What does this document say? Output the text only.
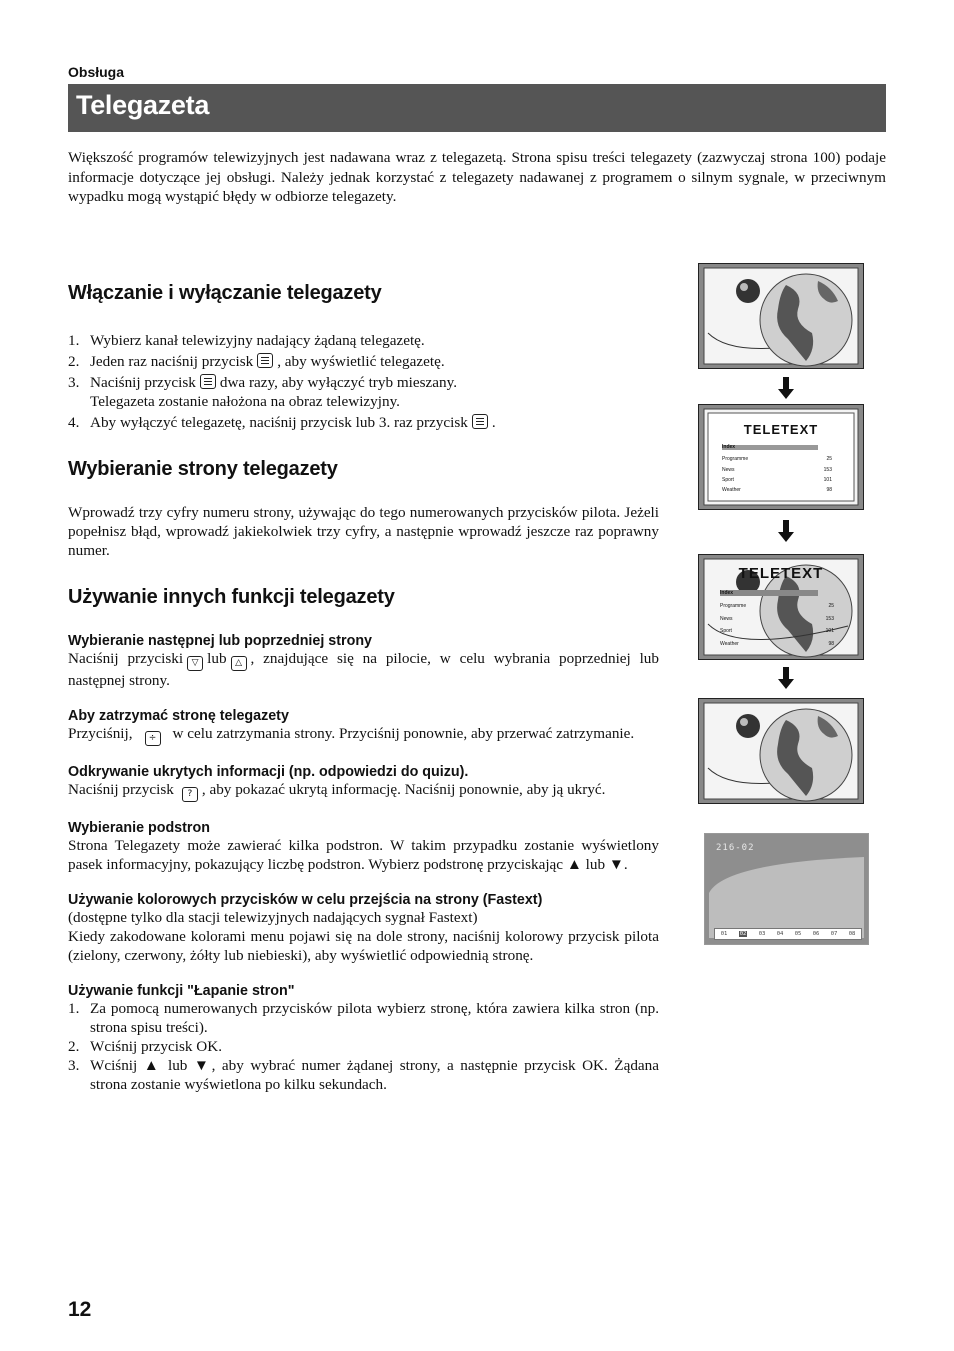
Obsługa
Telegazeta

Większość programów telewizyjnych jest nadawana wraz z telegazetą. Strona spisu treści telegazety (zazwyczaj strona 100) podaje informacje dotyczące jej obsługi. Należy jednak korzystać z telegazety nadawanej z programem o silnym sygnale, w przeciwnym wypadku mogą wystąpić błędy w odbiorze telegazety.

Włączanie i wyłączanie telegazety
1. Wybierz kanał telewizyjny nadający żądaną telegazetę.
2. Jeden raz naciśnij przycisk , aby wyświetlić telegazetę.
3. Naciśnij przycisk dwa razy, aby wyłączyć tryb mieszany.
Telegazeta zostanie nałożona na obraz telewizyjny.
4. Aby wyłączyć telegazetę, naciśnij przycisk lub 3. raz przycisk .
Wybieranie strony telegazety

Wprowadź trzy cyfry numeru strony, używając do tego numerowanych przycisków pilota. Jeżeli popełnisz błąd, wprowadź jakiekolwiek trzy cyfry, a następnie wprowadź jeszcze raz poprawny numer.

Używanie innych funkcji telegazety
Wybieranie następnej lub poprzedniej strony

Naciśnij przyciski ▽ lub △ , znajdujące się na pilocie, w celu wybrania poprzedniej lub następnej strony.

Aby zatrzymać stronę telegazety

Przyciśnij, ÷ w celu zatrzymania strony. Przyciśnij ponownie, aby przerwać zatrzymanie.

Odkrywanie ukrytych informacji (np. odpowiedzi do quizu).

Naciśnij przycisk ? , aby pokazać ukrytą informację. Naciśnij ponownie, aby ją ukryć.

Wybieranie podstron

Strona Telegazety może zawierać kilka podstron. W takim przypadku zostanie wyświetlony pasek informacyjny, pokazujący liczbę podstron. Wybierz podstronę przyciskając ▲ lub ▼.

Używanie kolorowych przycisków w celu przejścia na strony (Fastext)

(dostępne tylko dla stacji telewizyjnych nadających sygnał Fastext)

Kiedy zakodowane kolorami menu pojawi się na dole strony, naciśnij kolorowy przycisk pilota (zielony, czerwony, żółty lub niebieski), aby wyświetlić odpowiednią stronę.

Używanie funkcji "Łapanie stron"
1. Za pomocą numerowanych przycisków pilota wybierz stronę, która zawiera kilka stron (np. strona spisu treści).
2. Wciśnij przycisk OK.
3. Wciśnij ▲ lub ▼, aby wybrać numer żądanej strony, a następnie przycisk OK. Żądana strona zostanie wyświetlona po kilku sekundach.
TELETEXT
Index
Programme	25
News	153
Sport	101
Weather	98
TELETEXT
Index
Programme	25
News	153
Sport	101
Weather	98
216-02
01 02 03 04 05 06 07 08
12
